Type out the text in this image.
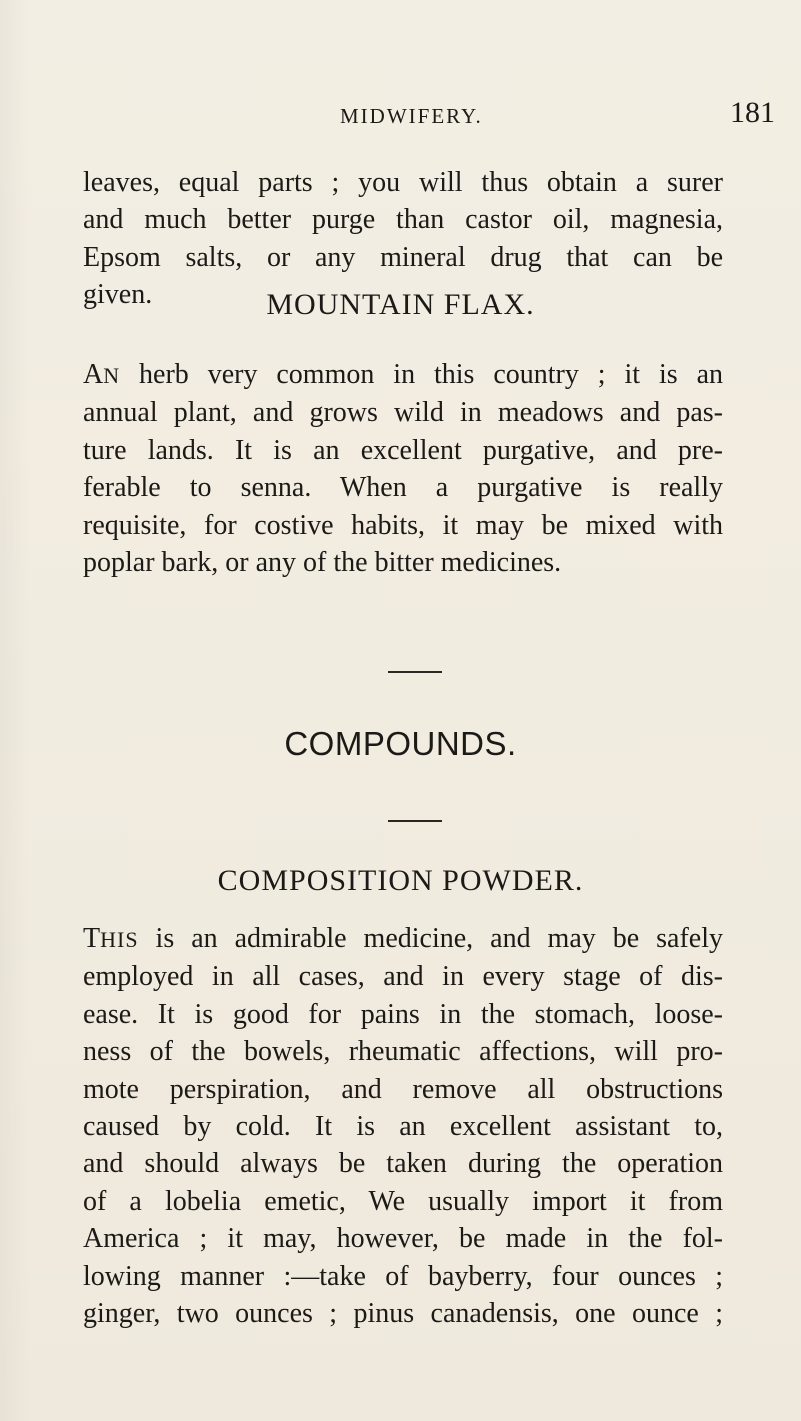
MIDWIFERY.	181
leaves, equal parts ; you will thus obtain a surer
and much better purge than castor oil, magnesia,
Epsom salts, or any mineral drug that can be
given.	MOUNTAIN FLAX.
AN herb very common in this country ; it is an
annual plant, and grows wild in meadows and pas-
ture lands. It is an excellent purgative, and pre-
ferable to senna. When a purgative is really
requisite, for costive habits, it may be mixed with
poplar bark, or any of the bitter medicines.
COMPOUNDS.
COMPOSITION POWDER.
THIS is an admirable medicine, and may be safely
employed in all cases, and in every stage of dis-
ease. It is good for pains in the stomach, loose-
ness of the bowels, rheumatic affections, will pro-
mote perspiration, and remove all obstructions
caused by cold. It is an excellent assistant to,
and should always be taken during the operation
of a lobelia emetic, We usually import it from
America ; it may, however, be made in the fol-
lowing manner :—take of bayberry, four ounces ;
ginger, two ounces ; pinus canadensis, one ounce ;
